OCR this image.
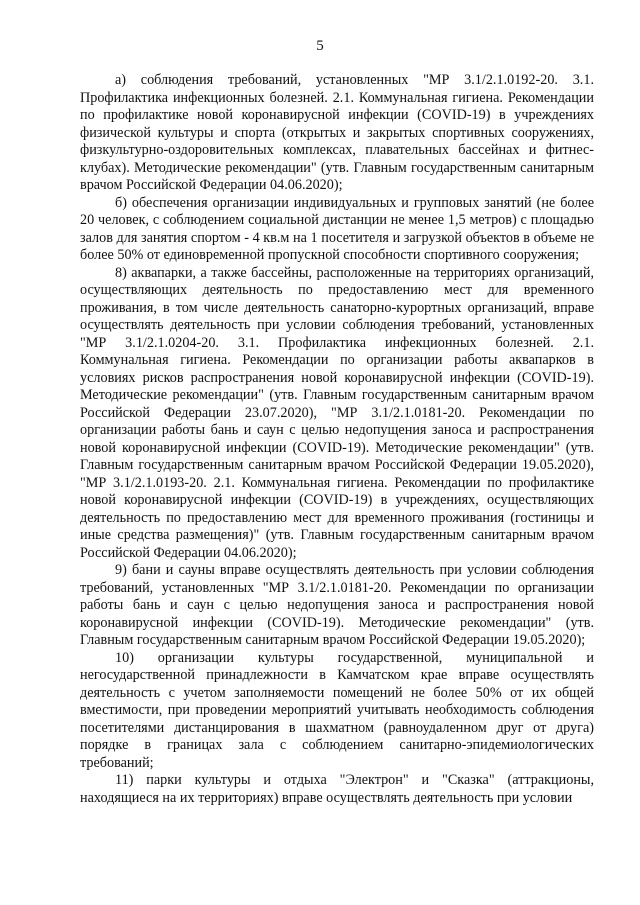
5

а) соблюдения требований, установленных "МР 3.1/2.1.0192-20. 3.1. Профилактика инфекционных болезней. 2.1. Коммунальная гигиена. Рекомендации по профилактике новой коронавирусной инфекции (COVID-19) в учреждениях физической культуры и спорта (открытых и закрытых спортивных сооружениях, физкультурно-оздоровительных комплексах, плавательных бассейнах и фитнес-клубах). Методические рекомендации" (утв. Главным государственным санитарным врачом Российской Федерации 04.06.2020);

б) обеспечения организации индивидуальных и групповых занятий (не более 20 человек, с соблюдением социальной дистанции не менее 1,5 метров) с площадью залов для занятия спортом - 4 кв.м на 1 посетителя и загрузкой объектов в объеме не более 50% от единовременной пропускной способности спортивного сооружения;

8) аквапарки, а также бассейны, расположенные на территориях организаций, осуществляющих деятельность по предоставлению мест для временного проживания, в том числе деятельность санаторно-курортных организаций, вправе осуществлять деятельность при условии соблюдения требований, установленных "МР 3.1/2.1.0204-20. 3.1. Профилактика инфекционных болезней. 2.1. Коммунальная гигиена. Рекомендации по организации работы аквапарков в условиях рисков распространения новой коронавирусной инфекции (COVID-19). Методические рекомендации" (утв. Главным государственным санитарным врачом Российской Федерации 23.07.2020), "МР 3.1/2.1.0181-20. Рекомендации по организации работы бань и саун с целью недопущения заноса и распространения новой коронавирусной инфекции (COVID-19). Методические рекомендации" (утв. Главным государственным санитарным врачом Российской Федерации 19.05.2020), "МР 3.1/2.1.0193-20. 2.1. Коммунальная гигиена. Рекомендации по профилактике новой коронавирусной инфекции (COVID-19) в учреждениях, осуществляющих деятельность по предоставлению мест для временного проживания (гостиницы и иные средства размещения)" (утв. Главным государственным санитарным врачом Российской Федерации 04.06.2020);

9) бани и сауны вправе осуществлять деятельность при условии соблюдения требований, установленных "МР 3.1/2.1.0181-20. Рекомендации по организации работы бань и саун с целью недопущения заноса и распространения новой коронавирусной инфекции (COVID-19). Методические рекомендации" (утв. Главным государственным санитарным врачом Российской Федерации 19.05.2020);

10) организации культуры государственной, муниципальной и негосударственной принадлежности в Камчатском крае вправе осуществлять деятельность с учетом заполняемости помещений не более 50% от их общей вместимости, при проведении мероприятий учитывать необходимость соблюдения посетителями дистанцирования в шахматном (равноудаленном друг от друга) порядке в границах зала с соблюдением санитарно-эпидемиологических требований;

11) парки культуры и отдыха "Электрон" и "Сказка" (аттракционы, находящиеся на их территориях) вправе осуществлять деятельность при условии
